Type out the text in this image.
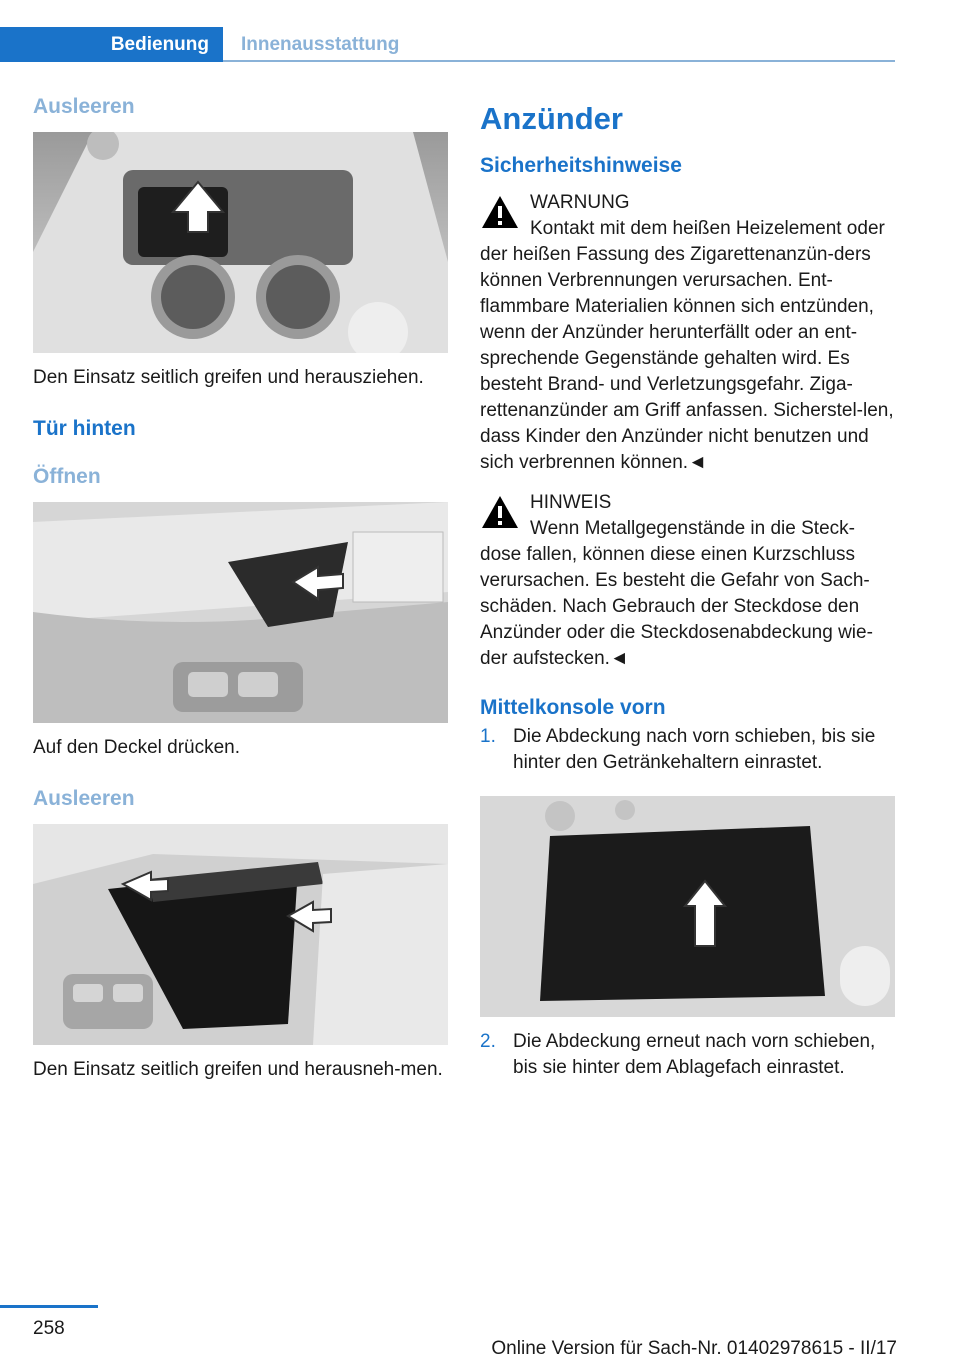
Bedienung	Innenausstattung
Ausleeren

Den Einsatz seitlich greifen und herausziehen.

Tür hinten
Öffnen

Auf den Deckel drücken.

Ausleeren

Den Einsatz seitlich greifen und herausneh-men.

Anzünder
Sicherheitshinweise

WARNUNG

Kontakt mit dem heißen Heizelement oder der heißen Fassung des Zigarettenanzün-ders können Verbrennungen verursachen. Ent-flammbare Materialien können sich entzünden, wenn der Anzünder herunterfällt oder an ent-sprechende Gegenstände gehalten wird. Es besteht Brand- und Verletzungsgefahr. Ziga-rettenanzünder am Griff anfassen. Sicherstel-len, dass Kinder den Anzünder nicht benutzen und sich verbrennen können.◄

HINWEIS

Wenn Metallgegenstände in die Steck-dose fallen, können diese einen Kurzschluss verursachen. Es besteht die Gefahr von Sach-schäden. Nach Gebrauch der Steckdose den Anzünder oder die Steckdosenabdeckung wie-der aufstecken.◄

Mittelkonsole vorn
1. Die Abdeckung nach vorn schieben, bis sie hinter den Getränkehaltern einrastet.
2. Die Abdeckung erneut nach vorn schieben, bis sie hinter dem Ablagefach einrastet.
258
Online Version für Sach-Nr. 01402978615 - II/17
